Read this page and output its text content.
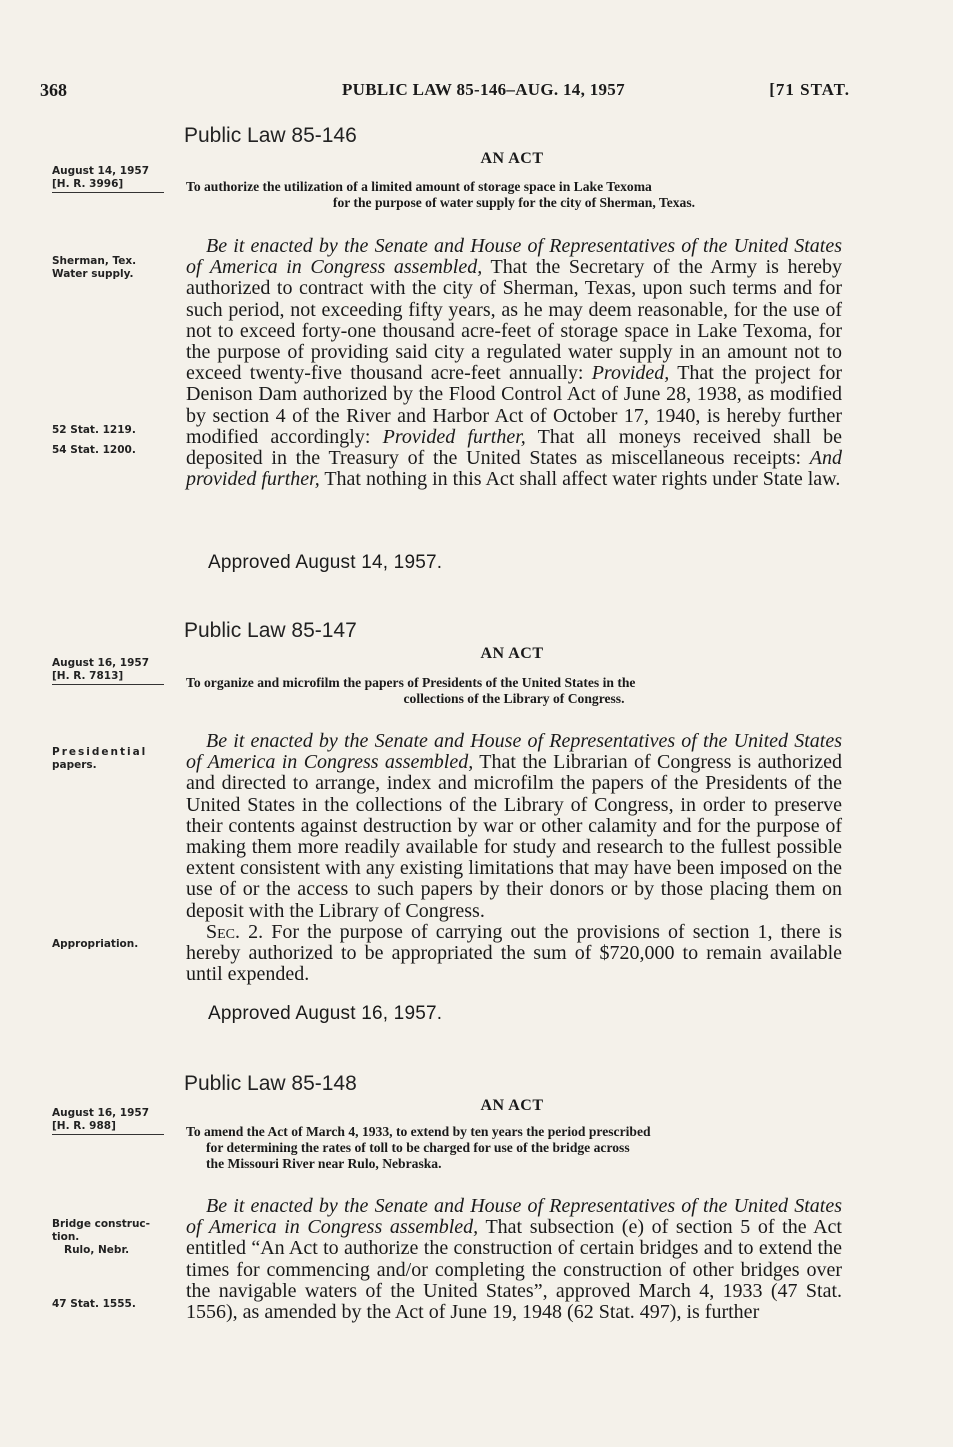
368	PUBLIC LAW 85-146–AUG. 14, 1957	[71 STAT.
Public Law 85-146
AN ACT
August 14, 1957
[H. R. 3996]	To authorize the utilization of a limited amount of storage space in Lake Texoma
for the purpose of water supply for the city of Sherman, Texas.
Sherman, Tex.
Water supply.
52 Stat. 1219.
54 Stat. 1200.
Be it enacted by the Senate and House of Representatives of the United States of America in Congress assembled, That the Secretary of the Army is hereby authorized to contract with the city of Sherman, Texas, upon such terms and for such period, not exceeding fifty years, as he may deem reasonable, for the use of not to exceed forty-one thousand acre-feet of storage space in Lake Texoma, for the purpose of providing said city a regulated water supply in an amount not to exceed twenty-five thousand acre-feet annually: Provided, That the project for Denison Dam authorized by the Flood Control Act of June 28, 1938, as modified by section 4 of the River and Harbor Act of October 17, 1940, is hereby further modified accordingly: Provided further, That all moneys received shall be deposited in the Treasury of the United States as miscellaneous receipts: And provided further, That nothing in this Act shall affect water rights under State law.
Approved August 14, 1957.
Public Law 85-147
AN ACT
August 16, 1957
[H. R. 7813]	To organize and microfilm the papers of Presidents of the United States in the
collections of the Library of Congress.
Presidential
papers.
Appropriation.
Be it enacted by the Senate and House of Representatives of the United States of America in Congress assembled, That the Librarian of Congress is authorized and directed to arrange, index and microfilm the papers of the Presidents of the United States in the collections of the Library of Congress, in order to preserve their contents against destruction by war or other calamity and for the purpose of making them more readily available for study and research to the fullest possible extent consistent with any existing limitations that may have been imposed on the use of or the access to such papers by their donors or by those placing them on deposit with the Library of Congress.
Sec. 2. For the purpose of carrying out the provisions of section 1, there is hereby authorized to be appropriated the sum of $720,000 to remain available until expended.
Approved August 16, 1957.
Public Law 85-148
AN ACT
August 16, 1957
[H. R. 988]	To amend the Act of March 4, 1933, to extend by ten years the period prescribed
for determining the rates of toll to be charged for use of the bridge across
the Missouri River near Rulo, Nebraska.
Bridge construc-
tion.
Rulo, Nebr.
47 Stat. 1555.
Be it enacted by the Senate and House of Representatives of the United States of America in Congress assembled, That subsection (e) of section 5 of the Act entitled “An Act to authorize the construction of certain bridges and to extend the times for commencing and/or completing the construction of other bridges over the navigable waters of the United States”, approved March 4, 1933 (47 Stat. 1556), as amended by the Act of June 19, 1948 (62 Stat. 497), is further
